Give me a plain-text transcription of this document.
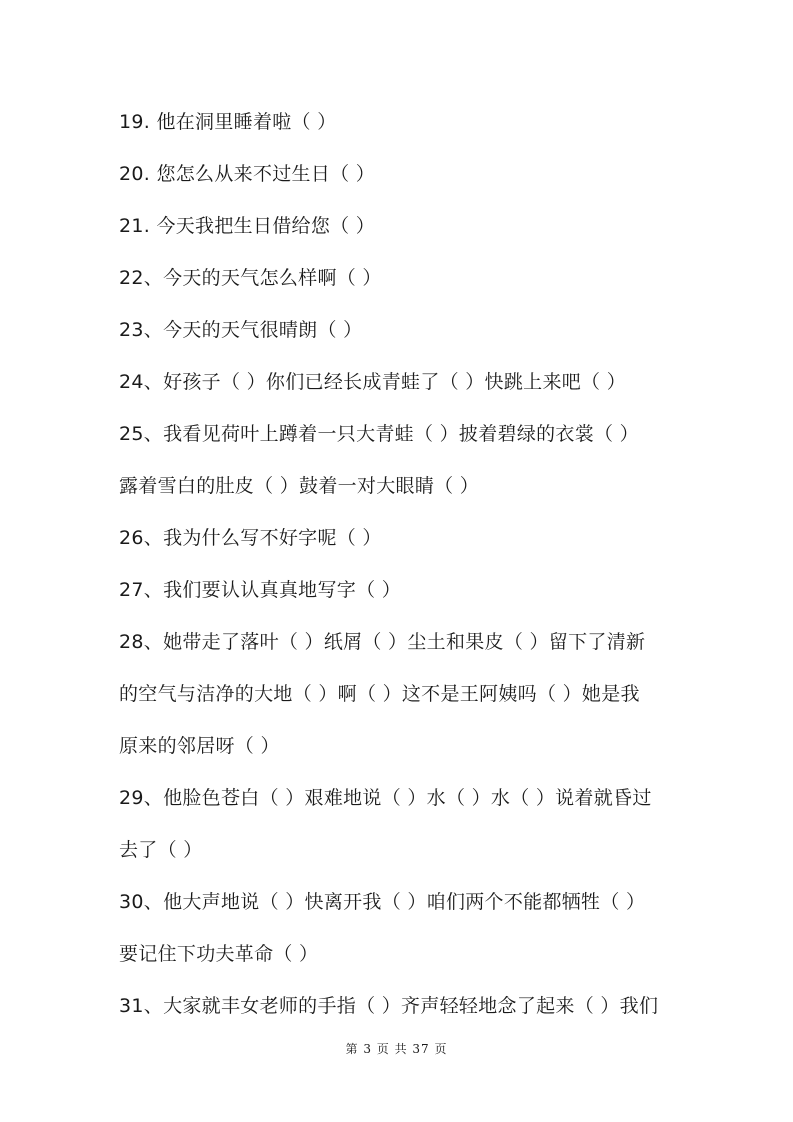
19. 他在洞里睡着啦（ ）
20. 您怎么从来不过生日（ ）
21. 今天我把生日借给您（ ）
22、今天的天气怎么样啊（ ）
23、今天的天气很晴朗（ ）
24、好孩子（ ）你们已经长成青蛙了（ ）快跳上来吧（ ）
25、我看见荷叶上蹲着一只大青蛙（ ）披着碧绿的衣裳（ ）
露着雪白的肚皮（ ）鼓着一对大眼睛（ ）
26、我为什么写不好字呢（ ）
27、我们要认认真真地写字（ ）
28、她带走了落叶（ ）纸屑（ ）尘土和果皮（ ）留下了清新
的空气与洁净的大地（ ）啊（ ）这不是王阿姨吗（ ）她是我
原来的邻居呀（ ）
29、他脸色苍白（ ）艰难地说（ ）水（ ）水（ ）说着就昏过
去了（ ）
30、他大声地说（ ）快离开我（ ）咱们两个不能都牺牲（ ）
要记住下功夫革命（ ）
31、大家就丰女老师的手指（ ）齐声轻轻地念了起来（ ）我们
第 3 页 共 37 页
